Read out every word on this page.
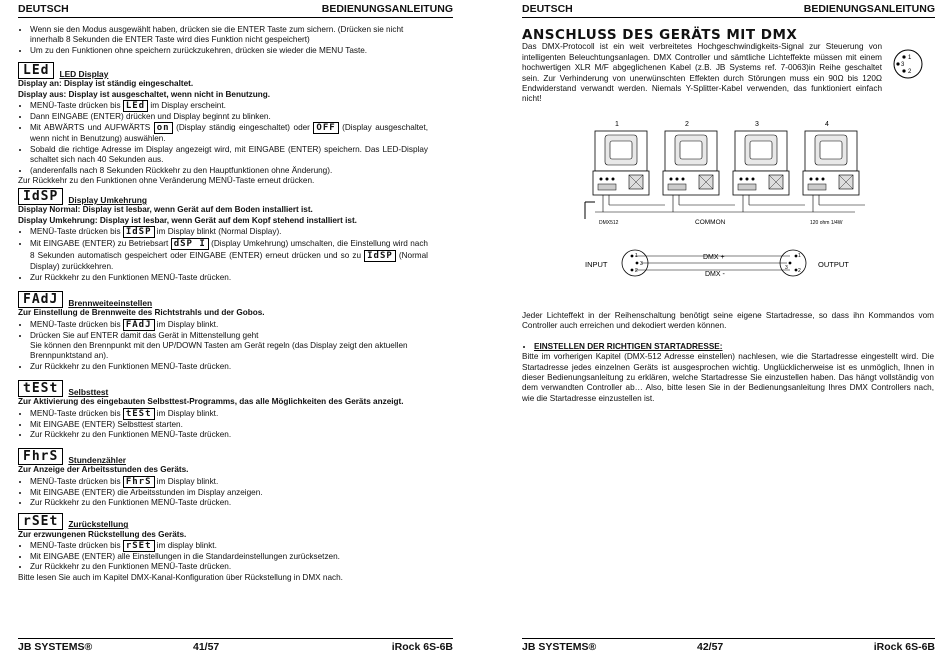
DEUTSCH	BEDIENUNGSANLEITUNG
• Wenn sie den Modus ausgewählt haben, drücken sie die ENTER Taste zum sichern. (Drücken sie nicht innerhalb 8 Sekunden die ENTER Taste wird dies Funktion nicht gespeichert)
• Um zu den Funktionen ohne speichern zurückzukehren, drücken sie wieder die MENU Taste.
LEd	LED Display
Display an: Display ist ständig eingeschaltet.
Display aus: Display ist ausgeschaltet, wenn nicht in Benutzung.
• MENÜ-Taste drücken bis LEd im Display erscheint.
• Dann EINGABE (ENTER) drücken und Display beginnt zu blinken.
• Mit ABWÄRTS und AUFWÄRTS on (Display ständig eingeschaltet) oder OFF (Display ausgeschaltet, wenn nicht in Benutzung) auswählen.
• Sobald die richtige Adresse im Display angezeigt wird, mit EINGABE (ENTER) speichern. Das LED-Display schaltet sich nach 40 Sekunden aus.
• (anderenfalls nach 8 Sekunden Rückkehr zu den Hauptfunktionen ohne Änderung).
Zur Rückkehr zu den Funktionen ohne Veränderung MENÜ-Taste erneut drücken.
IdSP	Display Umkehrung
Display Normal: Display ist lesbar, wenn Gerät auf dem Boden installiert ist.
Display Umkehrung: Display ist lesbar, wenn Gerät auf dem Kopf stehend installiert ist.
• MENÜ-Taste drücken bis IdSP im Display blinkt (Normal Display).
• Mit EINGABE (ENTER) zu Betriebsart dSP I (Display Umkehrung) umschalten, die Einstellung wird nach 8 Sekunden automatisch gespeichert oder EINGABE (ENTER) erneut drücken und so zu IdSP (Normal Display) zurückkehren.
• Zur Rückkehr zu den Funktionen MENÜ-Taste drücken.
FAdJ	Brennweiteeinstellen
Zur Einstellung de Brennweite des Richtstrahls und der Gobos.
• MENÜ-Taste drücken bis FAdJ im Display blinkt.
• Drücken Sie auf ENTER damit das Gerät in Mittenstellung geht
Sie können den Brennpunkt mit den UP/DOWN Tasten am Gerät regeln (das Display zeigt den aktuellen Brennpunktstand an).
• Zur Rückkehr zu den Funktionen MENÜ-Taste drücken.
tESt	Selbsttest
Zur Aktivierung des eingebauten Selbsttest-Programms, das alle Möglichkeiten des Geräts anzeigt.
• MENÜ-Taste drücken bis tESt im Display blinkt.
• Mit EINGABE (ENTER) Selbsttest starten.
• Zur Rückkehr zu den Funktionen MENÜ-Taste drücken.
FhrS	Stundenzähler
Zur Anzeige der Arbeitsstunden des Geräts.
• MENÜ-Taste drücken bis FhrS im Display blinkt.
• Mit EINGABE (ENTER) die Arbeitsstunden im Display anzeigen.
• Zur Rückkehr zu den Funktionen MENÜ-Taste drücken.
rSEt	Zurückstellung
Zur erzwungenen Rückstellung des Geräts.
• MENÜ-Taste drücken bis rSEt im display blinkt.
• Mit EINGABE (ENTER) alle Einstellungen in die Standardeinstellungen zurücksetzen.
• Zur Rückkehr zu den Funktionen MENÜ-Taste drücken.
Bitte lesen Sie auch im Kapitel DMX-Kanal-Konfiguration über Rückstellung in DMX nach.
JB SYSTEMS®	41/57	iRock 6S-6B
DEUTSCH	BEDIENUNGSANLEITUNG
JB SYSTEMS®	42/57	iRock 6S-6B
ANSCHLUSS DES GERÄTS MIT DMX
Das DMX-Protocoll ist ein weit verbreitetes Hochgeschwindigkeits-Signal zur Steuerung von intelligenten Beleuchtungsanlagen. DMX Controller und sämtliche Lichteffekte müssen mit einem hochwertigen XLR M/F abgeglichenen Kabel (z.B. JB Systems ref. 7-0063)in Reihe geschaltet sein. Zur Verhinderung von unerwünschten Effekten durch Störungen muss ein 90Ω bis 120Ω Endwiderstand verwandt werden. Niemals Y-Splitter-Kabel verwenden, das funktioniert einfach nicht!
1
3
2
1	2	3	4
DMX512	COMMON	120 ohm 1/4W
INPUT
1
3
2
DMX +
DMX -
1
3 2
OUTPUT
Jeder Lichteffekt in der Reihenschaltung benötigt seine eigene Startadresse, so dass ihn Kommandos vom Controller auch erreichen und dekodiert werden können.
• EINSTELLEN DER RICHTIGEN STARTADRESSE:
Bitte im vorherigen Kapitel (DMX-512 Adresse einstellen) nachlesen, wie die Startadresse eingestellt wird. Die Startadresse jedes einzelnen Geräts ist ausgesprochen wichtig. Unglücklicherweise ist es unmöglich, Ihnen in dieser Bedienungsanleitung zu erklären, welche Startadresse Sie einzustellen haben. Das hängt vollständig von dem verwandten Controller ab… Also, bitte lesen Sie in der Bedienungsanleitung Ihres DMX Controllers nach, wie die Startadresse einzustellen ist.
